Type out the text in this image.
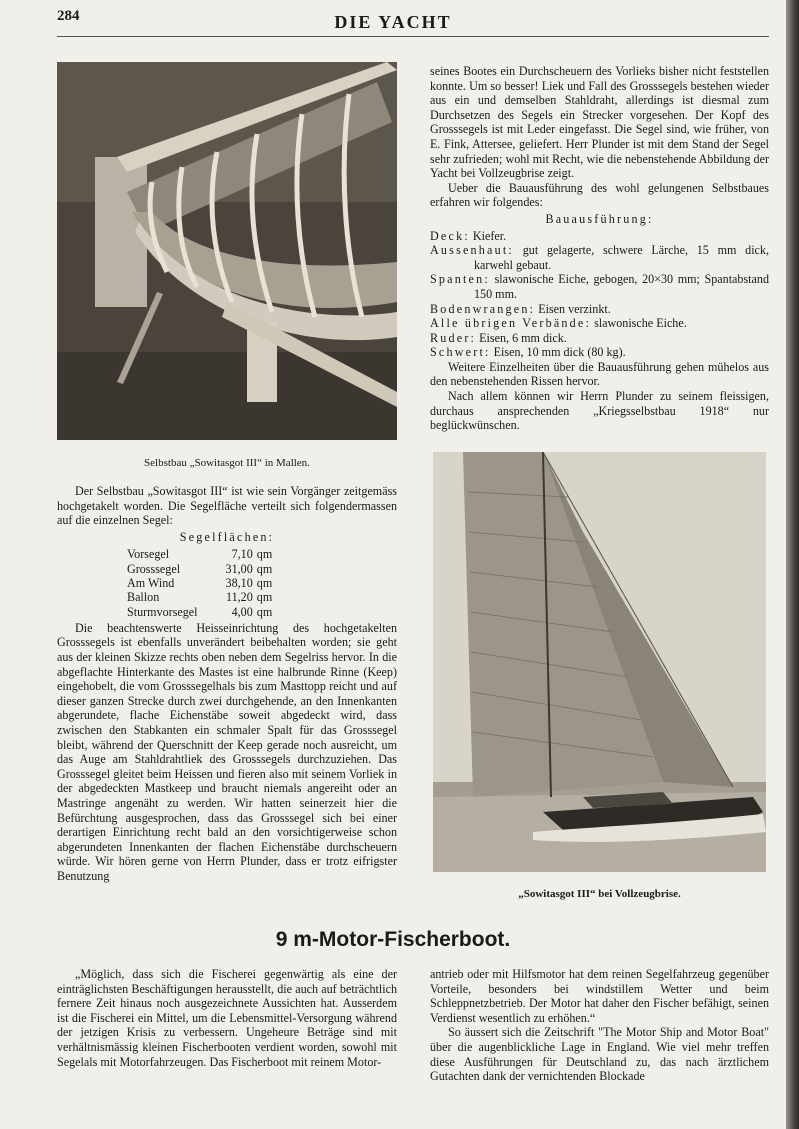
284	DIE YACHT
Selbstbau „Sowitasgot III“ in Mallen.

seines Bootes ein Durchscheuern des Vorlieks bisher nicht feststellen konnte. Um so besser! Liek und Fall des Grosssegels bestehen wieder aus ein und demselben Stahldraht, allerdings ist diesmal zum Durchsetzen des Segels ein Strecker vorgesehen. Der Kopf des Grosssegels ist mit Leder eingefasst. Die Segel sind, wie früher, von E. Fink, Attersee, geliefert. Herr Plunder ist mit dem Stand der Segel sehr zufrieden; wohl mit Recht, wie die nebenstehende Abbildung der Yacht bei Vollzeugbrise zeigt.

Ueber die Bauausführung des wohl gelungenen Selbstbaues erfahren wir folgendes:

Bauausführung:

Deck: Kiefer.

Aussenhaut: gut gelagerte, schwere Lärche, 15 mm dick, karwehl gebaut.

Spanten: slawonische Eiche, gebogen, 20×30 mm; Spantabstand 150 mm.

Bodenwrangen: Eisen verzinkt.

Alle übrigen Verbände: slawonische Eiche.

Ruder: Eisen, 6 mm dick.

Schwert: Eisen, 10 mm dick (80 kg).

Weitere Einzelheiten über die Bauausführung gehen mühelos aus den nebenstehenden Rissen hervor.

Nach allem können wir Herrn Plunder zu seinem fleissigen, durchaus ansprechenden „Kriegsselbstbau 1918“ nur beglückwünschen.

„Sowitasgot III“ bei Vollzeugbrise.

Der Selbstbau „Sowitasgot III“ ist wie sein Vorgänger zeitgemäss hochgetakelt worden. Die Segelfläche verteilt sich folgendermassen auf die einzelnen Segel:

Segelflächen:
Vorsegel	7,10	qm
Grosssegel	31,00	qm
Am Wind	38,10	qm
Ballon	11,20	qm
Sturmvorsegel	4,00	qm

Die beachtenswerte Heisseinrichtung des hochgetakelten Grosssegels ist ebenfalls unverändert beibehalten worden; sie geht aus der kleinen Skizze rechts oben neben dem Segelriss hervor. In die abgeflachte Hinterkante des Mastes ist eine halbrunde Rinne (Keep) eingehobelt, die vom Grosssegelhals bis zum Masttopp reicht und auf dieser ganzen Strecke durch zwei durchgehende, an den Innenkanten abgerundete, flache Eichenstäbe soweit abgedeckt wird, dass zwischen den Stabkanten ein schmaler Spalt für das Grosssegel bleibt, während der Querschnitt der Keep gerade noch ausreicht, um das Auge am Stahldrahtliek des Grosssegels durchzuziehen. Das Grosssegel gleitet beim Heissen und fieren also mit seinem Vorliek in der abgedeckten Mastkeep und braucht niemals angereiht oder an Mastringe angenäht zu werden. Wir hatten seinerzeit hier die Befürchtung ausgesprochen, dass das Grosssegel sich bei einer derartigen Einrichtung recht bald an den vorsichtigerweise schon abgerundeten Innenkanten der flachen Eichenstäbe durchscheuern würde. Wir hören gerne von Herrn Plunder, dass er trotz eifrigster Benutzung

9 m-Motor-Fischerboot.

„Möglich, dass sich die Fischerei gegenwärtig als eine der einträglichsten Beschäftigungen herausstellt, die auch auf beträchtlich fernere Zeit hinaus noch ausgezeichnete Aussichten hat. Ausserdem ist die Fischerei ein Mittel, um die Lebensmittel-Versorgung während der jetzigen Krisis zu verbessern. Ungeheure Beträge sind mit verhältnismässig kleinen Fischerbooten verdient worden, sowohl mit Segelals mit Motorfahrzeugen. Das Fischerboot mit reinem Motor-

antrieb oder mit Hilfsmotor hat dem reinen Segelfahrzeug gegenüber Vorteile, besonders bei windstillem Wetter und beim Schleppnetzbetrieb. Der Motor hat daher den Fischer befähigt, seinen Verdienst wesentlich zu erhöhen.“

So äussert sich die Zeitschrift "The Motor Ship and Motor Boat" über die augenblickliche Lage in England. Wie viel mehr treffen diese Ausführungen für Deutschland zu, das nach ärztlichem Gutachten dank der vernichtenden Blockade
